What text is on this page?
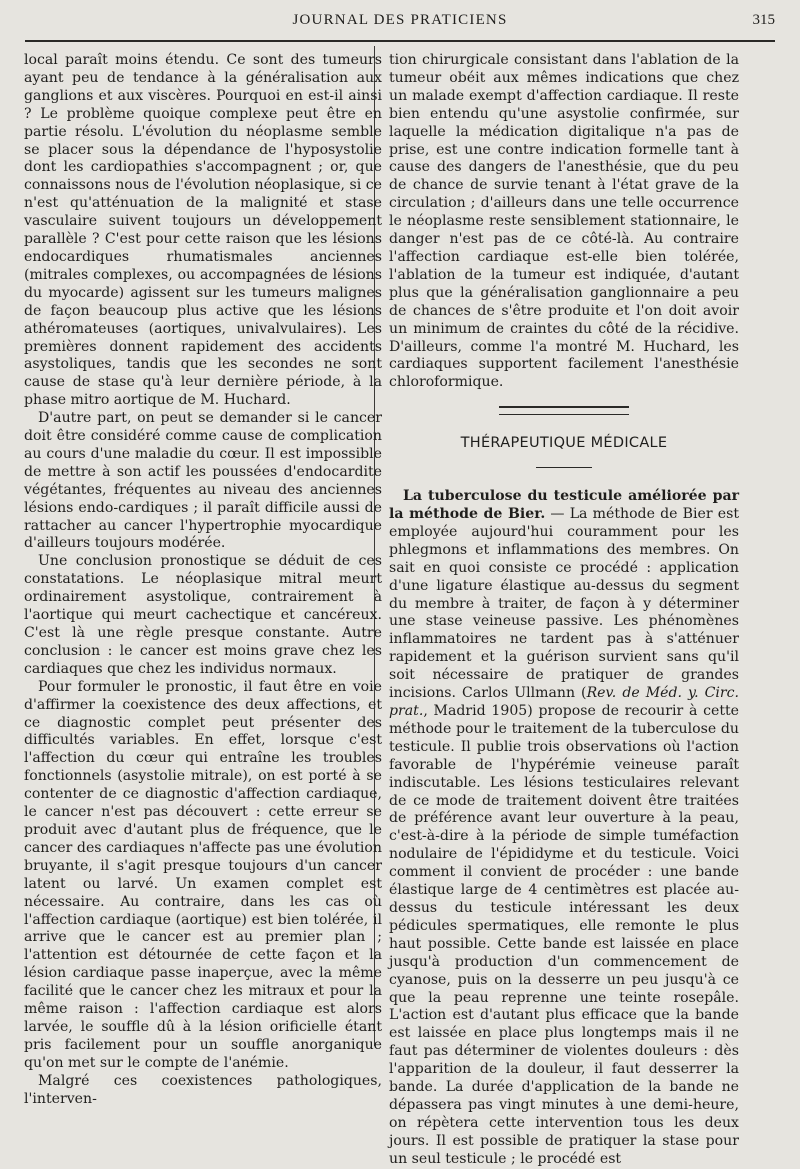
JOURNAL DES PRATICIENS	315

local paraît moins étendu. Ce sont des tumeurs ayant peu de tendance à la généralisation aux ganglions et aux viscères. Pourquoi en est-il ainsi ? Le problème quoique complexe peut être en partie résolu. L'évolution du néoplasme semble se placer sous la dépendance de l'hyposystolie dont les cardiopathies s'accompagnent ; or, que connaissons nous de l'évolution néoplasique, si ce n'est qu'atténuation de la malignité et stase vasculaire suivent toujours un développement parallèle ? C'est pour cette raison que les lésions endocardiques rhumatismales anciennes (mitrales complexes, ou accompagnées de lésions du myocarde) agissent sur les tumeurs malignes de façon beaucoup plus active que les lésions athéromateuses (aortiques, univalvulaires). Les premières donnent rapidement des accidents asystoliques, tandis que les secondes ne sont cause de stase qu'à leur dernière période, à la phase mitro aortique de M. Huchard.

D'autre part, on peut se demander si le cancer doit être considéré comme cause de complication au cours d'une maladie du cœur. Il est impossible de mettre à son actif les poussées d'endocardite végétantes, fréquentes au niveau des anciennes lésions endo-cardiques ; il paraît difficile aussi de rattacher au cancer l'hypertrophie myocardique d'ailleurs toujours modérée.

Une conclusion pronostique se déduit de ces constatations. Le néoplasique mitral meurt ordinairement asystolique, contrairement à l'aortique qui meurt cachectique et cancéreux. C'est là une règle presque constante. Autre conclusion : le cancer est moins grave chez les cardiaques que chez les individus normaux.

Pour formuler le pronostic, il faut être en voie d'affirmer la coexistence des deux affections, et ce diagnostic complet peut présenter des difficultés variables. En effet, lorsque c'est l'affection du cœur qui entraîne les troubles fonctionnels (asystolie mitrale), on est porté à se contenter de ce diagnostic d'affection cardiaque, le cancer n'est pas découvert : cette erreur se produit avec d'autant plus de fréquence, que le cancer des cardiaques n'affecte pas une évolution bruyante, il s'agit presque toujours d'un cancer latent ou larvé. Un examen complet est nécessaire. Au contraire, dans les cas où l'affection cardiaque (aortique) est bien tolérée, il arrive que le cancer est au premier plan ; l'attention est détournée de cette façon et la lésion cardiaque passe inaperçue, avec la même facilité que le cancer chez les mitraux et pour la même raison : l'affection cardiaque est alors larvée, le souffle dû à la lésion orificielle étant pris facilement pour un souffle anorganique qu'on met sur le compte de l'anémie.

Malgré ces coexistences pathologiques, l'interven-

tion chirurgicale consistant dans l'ablation de la tumeur obéit aux mêmes indications que chez un malade exempt d'affection cardiaque. Il reste bien entendu qu'une asystolie confirmée, sur laquelle la médication digitalique n'a pas de prise, est une contre indication formelle tant à cause des dangers de l'anesthésie, que du peu de chance de survie tenant à l'état grave de la circulation ; d'ailleurs dans une telle occurrence le néoplasme reste sensiblement stationnaire, le danger n'est pas de ce côté-là. Au contraire l'affection cardiaque est-elle bien tolérée, l'ablation de la tumeur est indiquée, d'autant plus que la généralisation ganglionnaire a peu de chances de s'être produite et l'on doit avoir un minimum de craintes du côté de la récidive. D'ailleurs, comme l'a montré M. Huchard, les cardiaques supportent facilement l'anesthésie chloroformique.

THÉRAPEUTIQUE MÉDICALE

La tuberculose du testicule améliorée par la méthode de Bier. — La méthode de Bier est employée aujourd'hui couramment pour les phlegmons et inflammations des membres. On sait en quoi consiste ce procédé : application d'une ligature élastique au-dessus du segment du membre à traiter, de façon à y déterminer une stase veineuse passive. Les phénomènes inflammatoires ne tardent pas à s'atténuer rapidement et la guérison survient sans qu'il soit nécessaire de pratiquer de grandes incisions. Carlos Ullmann (Rev. de Méd. y. Circ. prat., Madrid 1905) propose de recourir à cette méthode pour le traitement de la tuberculose du testicule. Il publie trois observations où l'action favorable de l'hypérémie veineuse paraît indiscutable. Les lésions testiculaires relevant de ce mode de traitement doivent être traitées de préférence avant leur ouverture à la peau, c'est-à-dire à la période de simple tuméfaction nodulaire de l'épididyme et du testicule. Voici comment il convient de procéder : une bande élastique large de 4 centimètres est placée au-dessus du testicule intéressant les deux pédicules spermatiques, elle remonte le plus haut possible. Cette bande est laissée en place jusqu'à production d'un commencement de cyanose, puis on la desserre un peu jusqu'à ce que la peau reprenne une teinte rosepâle. L'action est d'autant plus efficace que la bande est laissée en place plus longtemps mais il ne faut pas déterminer de violentes douleurs : dès l'apparition de la douleur, il faut desserrer la bande. La durée d'application de la bande ne dépassera pas vingt minutes à une demi-heure, on répètera cette intervention tous les deux jours. Il est possible de pratiquer la stase pour un seul testicule ; le procédé est
